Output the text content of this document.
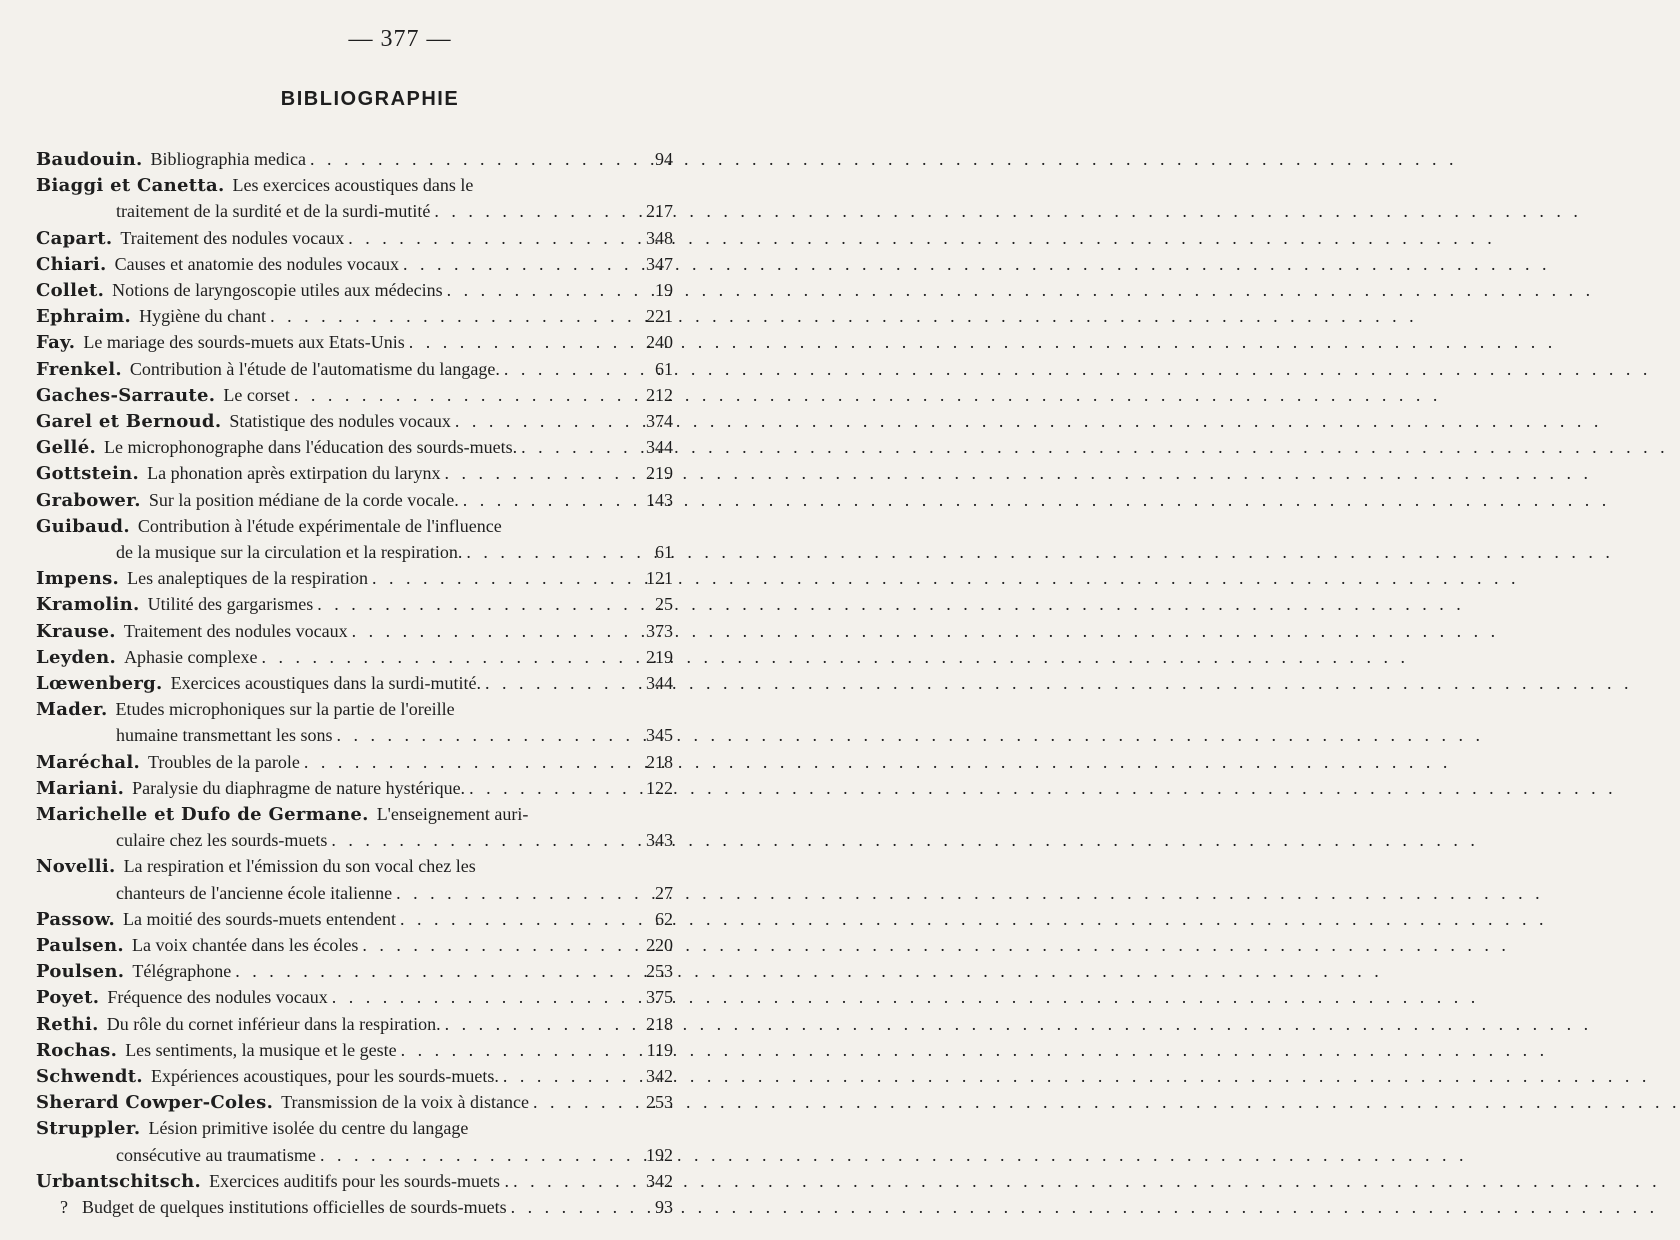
— 377 —
BIBLIOGRAPHIE
Baudouin. Bibliographia medica . . .	94
Biaggi et Canetta. Les exercices acoustiques dans le
traitement de la surdité et de la surdi-mutité . . .	217
Capart. Traitement des nodules vocaux . . .	348
Chiari. Causes et anatomie des nodules vocaux . . .	347
Collet. Notions de laryngoscopie utiles aux médecins . . .	19
Ephraim. Hygiène du chant . . .	221
Fay. Le mariage des sourds-muets aux Etats-Unis . . .	240
Frenkel. Contribution à l'étude de l'automatisme du langage. . . .	61
Gaches-Sarraute. Le corset . . .	212
Garel et Bernoud. Statistique des nodules vocaux . . .	374
Gellé. Le microphonographe dans l'éducation des sourds-muets. . . .	344
Gottstein. La phonation après extirpation du larynx . . .	219
Grabower. Sur la position médiane de la corde vocale. . . .	143
Guibaud. Contribution à l'étude expérimentale de l'influence
de la musique sur la circulation et la respiration. . . .	61
Impens. Les analeptiques de la respiration . . .	121
Kramolin. Utilité des gargarismes . . .	25
Krause. Traitement des nodules vocaux . . .	373
Leyden. Aphasie complexe . . .	219
Lœwenberg. Exercices acoustiques dans la surdi-mutité. . . .	344
Mader. Etudes microphoniques sur la partie de l'oreille
humaine transmettant les sons . . .	345
Maréchal. Troubles de la parole . . .	218
Mariani. Paralysie du diaphragme de nature hystérique. . . .	122
Marichelle et Dufo de Germane. L'enseignement auri-
culaire chez les sourds-muets . . .	343
Novelli. La respiration et l'émission du son vocal chez les
chanteurs de l'ancienne école italienne . . .	27
Passow. La moitié des sourds-muets entendent . . .	62
Paulsen. La voix chantée dans les écoles . . .	220
Poulsen. Télégraphone . . .	253
Poyet. Fréquence des nodules vocaux . . .	375
Rethi. Du rôle du cornet inférieur dans la respiration. . . .	218
Rochas. Les sentiments, la musique et le geste . . .	119
Schwendt. Expériences acoustiques, pour les sourds-muets. . . .	342
Sherard Cowper-Coles. Transmission de la voix à distance . . .	253
Struppler. Lésion primitive isolée du centre du langage
consécutive au traumatisme . . .	192
Urbantschitsch. Exercices auditifs pour les sourds-muets . . . .	342
? Budget de quelques institutions officielles de sourds-muets . . .	93
